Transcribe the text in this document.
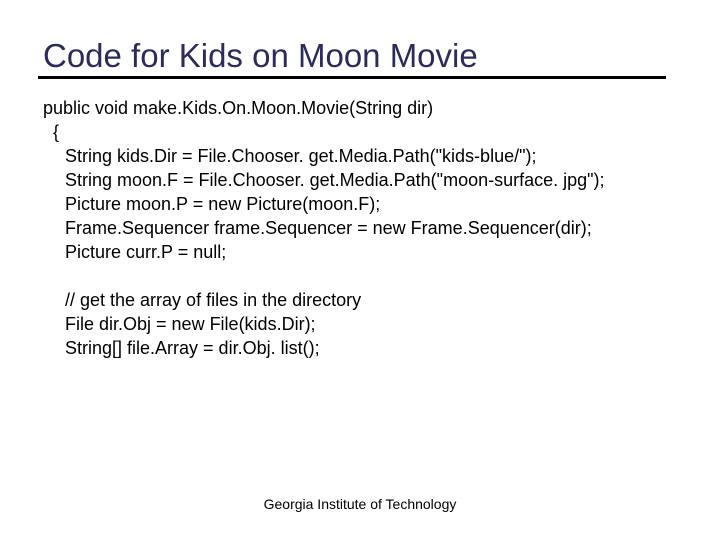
Code for Kids on Moon Movie
public void make.Kids.On.Moon.Movie(String dir)
{
String kids.Dir = File.Chooser. get.Media.Path("kids-blue/");
String moon.F = File.Chooser. get.Media.Path("moon-surface. jpg");
Picture moon.P = new Picture(moon.F);
Frame.Sequencer frame.Sequencer = new Frame.Sequencer(dir);
Picture curr.P = null;
// get the array of files in the directory
File dir.Obj = new File(kids.Dir);
String[] file.Array = dir.Obj. list();
Georgia Institute of Technology
